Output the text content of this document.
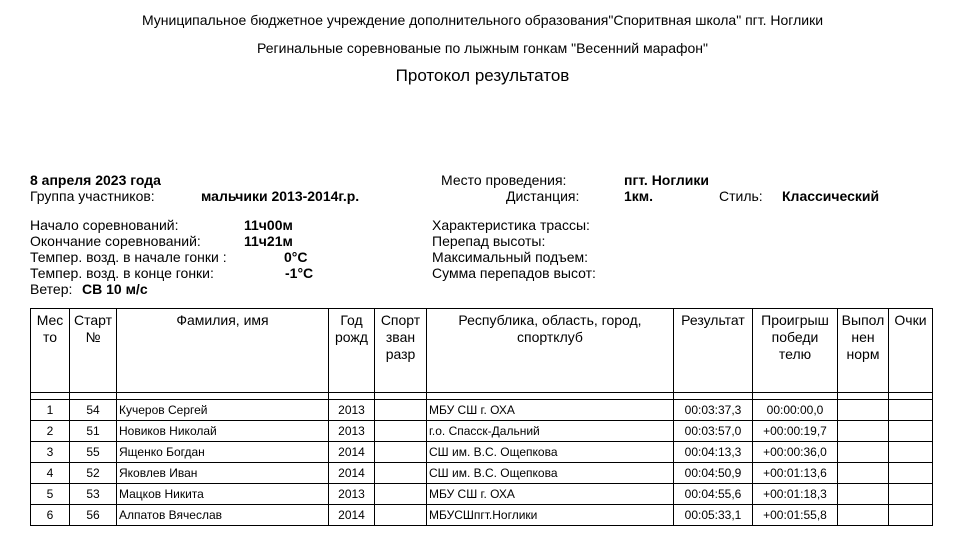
Муниципальное бюджетное учреждение дополнительного образования"Споритвная школа" пгт. Ноглики
Регинальные соревнованые по лыжным гонкам "Весенний марафон"
Протокол результатов
8 апреля 2023 года
Группа участников:	мальчики 2013-2014г.р.
Начало соревнований:	11ч00м
Окончание соревнований:	11ч21м
Темпер. возд. в начале гонки :	0°С
Темпер. возд. в конце гонки:	-1°С
Ветер: СВ 10 м/с
Место проведения:	пгт. Ноглики
Дистанция:	1км.	Стиль: Классический
Характеристика трассы:
Перепад высоты:
Максимальный подъем:
Сумма перепадов высот:
Мес то	Старт №	Фамилия, имя	Год рожд	Спорт зван разр	Республика, область, город, спортклуб	Результат	Проигрыш победи телю	Выпол нен норм	Очки

1	54	Кучеров Сергей	2013		МБУ СШ г. ОХА	00:03:37,3	00:00:00,0		
2	51	Новиков Николай	2013		г.о. Спасск-Дальний	00:03:57,0	+00:00:19,7		
3	55	Ященко Богдан	2014		СШ им. В.С. Ощепкова	00:04:13,3	+00:00:36,0		
4	52	Яковлев Иван	2014		СШ им. В.С. Ощепкова	00:04:50,9	+00:01:13,6		
5	53	Мацков Никита	2013		МБУ СШ г. ОХА	00:04:55,6	+00:01:18,3		
6	56	Алпатов Вячеслав	2014		МБУСШпгт.Ноглики	00:05:33,1	+00:01:55,8		
